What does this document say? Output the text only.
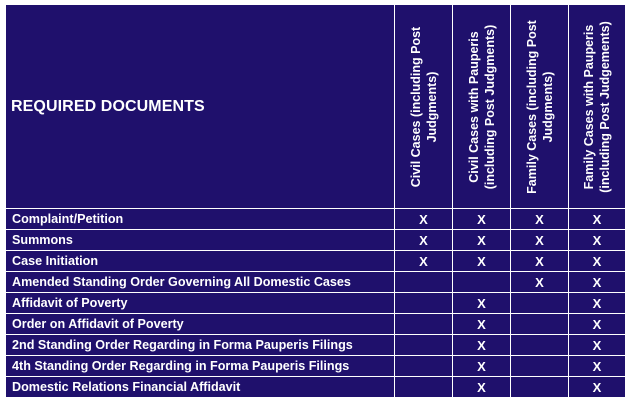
REQUIRED DOCUMENTS	Civil Cases (including Post Judgments)	Civil Cases with Pauperis (including Post Judgments)	Family Cases (including Post Judgments)	Family Cases with Pauperis (including Post Judgements)

Complaint/Petition	X	X	X	X
Summons	X	X	X	X
Case Initiation	X	X	X	X
Amended Standing Order Governing All Domestic Cases			X	X
Affidavit of Poverty		X		X
Order on Affidavit of Poverty		X		X
2nd Standing Order Regarding in Forma Pauperis Filings		X		X
4th Standing Order Regarding in Forma Pauperis Filings		X		X
Domestic Relations Financial Affidavit		X		X
